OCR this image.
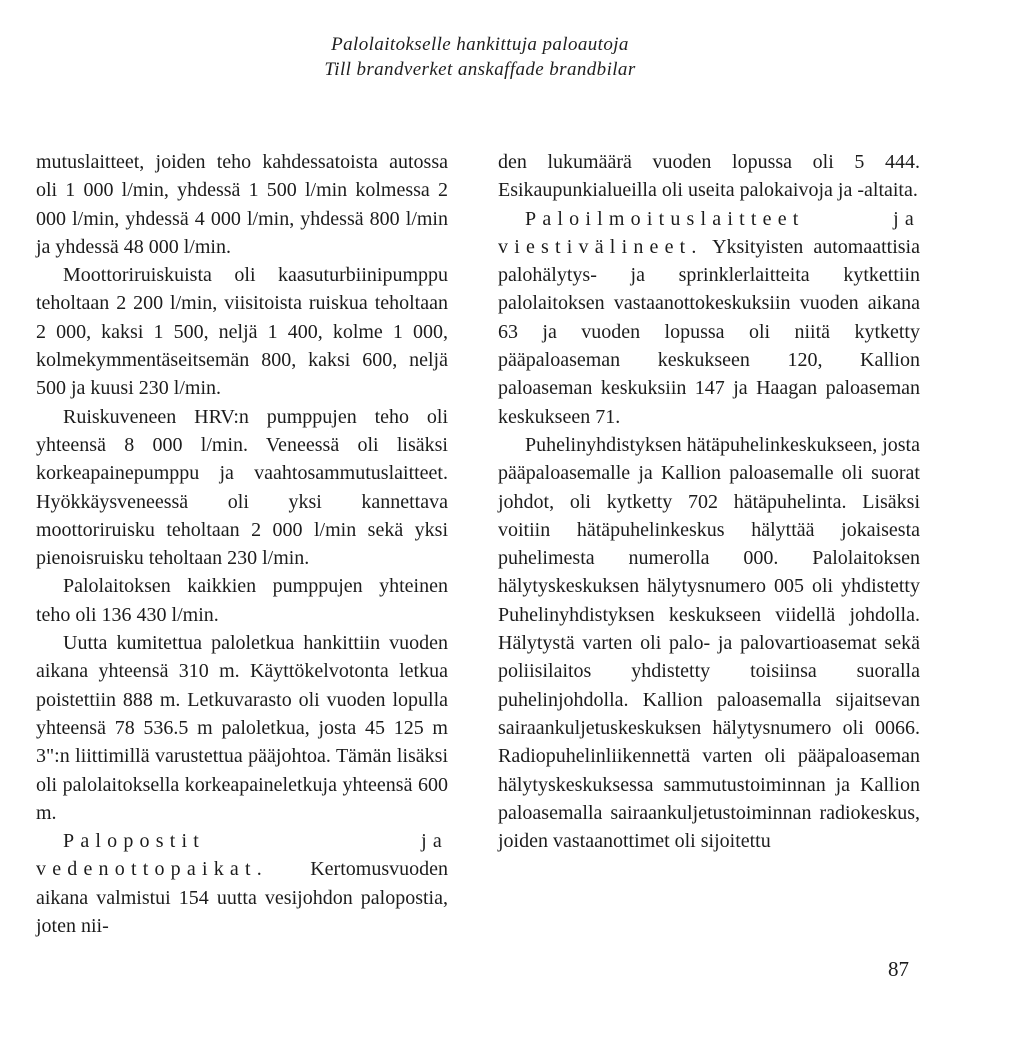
Palolaitokselle hankittuja paloautoja
Till brandverket anskaffade brandbilar

mutuslaitteet, joiden teho kahdessatoista autossa oli 1 000 l/min, yhdessä 1 500 l/min kolmessa 2 000 l/min, yhdessä 4 000 l/min, yhdessä 800 l/min ja yhdessä 48 000 l/min.

Moottoriruiskuista oli kaasuturbiinipumppu teholtaan 2 200 l/min, viisitoista ruiskua teholtaan 2 000, kaksi 1 500, neljä 1 400, kolme 1 000, kolmekymmentäseitsemän 800, kaksi 600, neljä 500 ja kuusi 230 l/min.

Ruiskuveneen HRV:n pumppujen teho oli yhteensä 8 000 l/min. Veneessä oli lisäksi korkeapainepumppu ja vaahtosammutuslaitteet. Hyökkäysveneessä oli yksi kannettava moottoriruisku teholtaan 2 000 l/min sekä yksi pienoisruisku teholtaan 230 l/min.

Palolaitoksen kaikkien pumppujen yhteinen teho oli 136 430 l/min.

Uutta kumitettua paloletkua hankittiin vuoden aikana yhteensä 310 m. Käyttökelvotonta letkua poistettiin 888 m. Letkuvarasto oli vuoden lopulla yhteensä 78 536.5 m paloletkua, josta 45 125 m 3":n liittimillä varustettua pääjohtoa. Tämän lisäksi oli palolaitoksella korkeapaineletkuja yhteensä 600 m.

Palopostit ja vedenottopaikat. Kertomusvuoden aikana valmistui 154 uutta vesijohdon palopostia, joten nii-

den lukumäärä vuoden lopussa oli 5 444. Esikaupunkialueilla oli useita palokaivoja ja -altaita.

Paloilmoituslaitteet ja viestivälineet. Yksityisten automaattisia palohälytys- ja sprinklerlaitteita kytkettiin palolaitoksen vastaanottokeskuksiin vuoden aikana 63 ja vuoden lopussa oli niitä kytketty pääpaloaseman keskukseen 120, Kallion paloaseman keskuksiin 147 ja Haagan paloaseman keskukseen 71.

Puhelinyhdistyksen hätäpuhelinkeskukseen, josta pääpaloasemalle ja Kallion paloasemalle oli suorat johdot, oli kytketty 702 hätäpuhelinta. Lisäksi voitiin hätäpuhelinkeskus hälyttää jokaisesta puhelimesta numerolla 000. Palolaitoksen hälytyskeskuksen hälytysnumero 005 oli yhdistetty Puhelinyhdistyksen keskukseen viidellä johdolla. Hälytystä varten oli palo- ja palovartioasemat sekä poliisilaitos yhdistetty toisiinsa suoralla puhelinjohdolla. Kallion paloasemalla sijaitsevan sairaankuljetuskeskuksen hälytysnumero oli 0066. Radiopuhelinliikennettä varten oli pääpaloaseman hälytyskeskuksessa sammutustoiminnan ja Kallion paloasemalla sairaankuljetustoiminnan radiokeskus, joiden vastaanottimet oli sijoitettu

87
